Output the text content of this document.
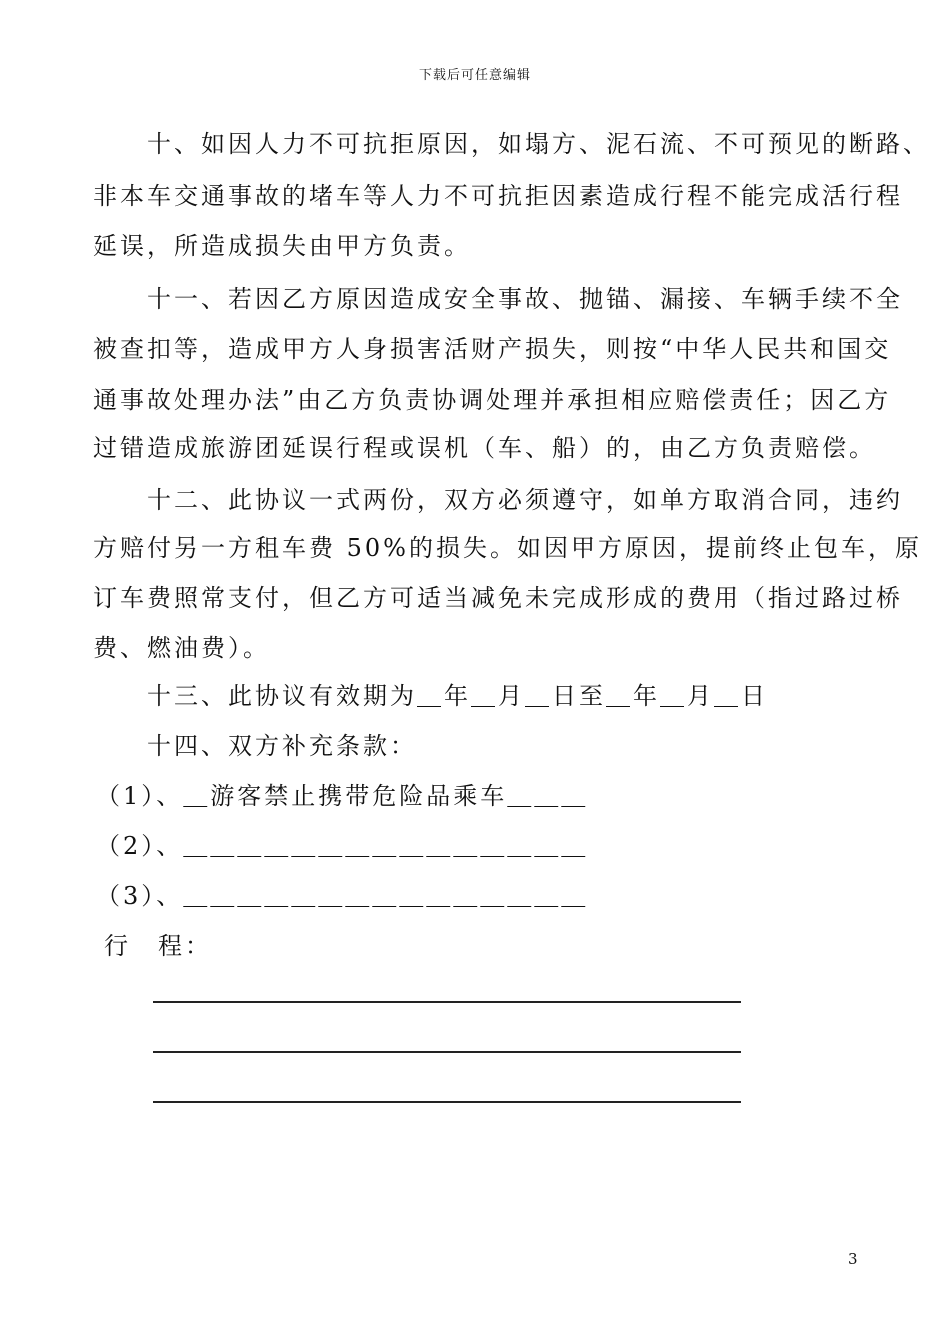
下载后可任意编辑
十、如因人力不可抗拒原因，如塌方、泥石流、不可预见的断路、
非本车交通事故的堵车等人力不可抗拒因素造成行程不能完成活行程
延误，所造成损失由甲方负责。
十一、若因乙方原因造成安全事故、抛锚、漏接、车辆手续不全
被查扣等，造成甲方人身损害活财产损失，则按“中华人民共和国交
通事故处理办法”由乙方负责协调处理并承担相应赔偿责任；因乙方
过错造成旅游团延误行程或误机（车、船）的，由乙方负责赔偿。
十二、此协议一式两份，双方必须遵守，如单方取消合同，违约
方赔付另一方租车费 50%的损失。如因甲方原因，提前终止包车，原
订车费照常支付，但乙方可适当减免未完成形成的费用（指过路过桥
费、燃油费）。
十三、此协议有效期为＿年＿月＿日至＿年＿月＿日
十四、双方补充条款：
（1）、＿游客禁止携带危险品乘车＿＿＿
（2）、＿＿＿＿＿＿＿＿＿＿＿＿＿＿＿
（3）、＿＿＿＿＿＿＿＿＿＿＿＿＿＿＿
行　程：
3
